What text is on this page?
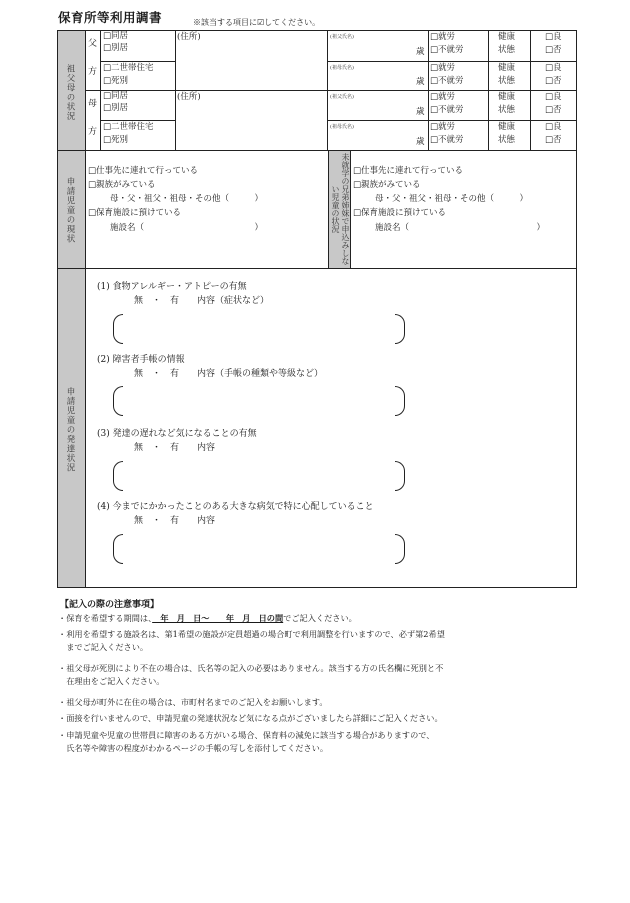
保育所等利用調書	※該当する項目に☑してください。
祖父母の状況
父
方
母
方
□同居
□別居
□二世帯住宅
□死別
(住所)
□同居
□別居
□二世帯住宅
□死別
(住所)
(祖父氏名)
歳
(祖母氏名)
歳
(祖父氏名)
歳
(祖母氏名)
歳
□就労
□不就労
健康
状態
□良
□否
□就労
□不就労
健康
状態
□良
□否
□就労
□不就労
健康
状態
□良
□否
□就労
□不就労
健康
状態
□良
□否
申請児童の現状	未就学の兄弟姉妹で申込みしない児童の状況
□仕事先に連れて行っている
□親族がみている
母・父・祖父・祖母・その他（　　　）
□保育施設に預けている
施設名（　　　　　　　　　　　　　）
□仕事先に連れて行っている
□親族がみている
母・父・祖父・祖母・その他（　　　）
□保育施設に預けている
施設名（　　　　　　　　　　　　　　　）
申請児童の発達状況
(1) 食物アレルギー・アトピーの有無
無　・　有　　内容（症状など）
(2) 障害者手帳の情報
無　・　有　　内容（手帳の種類や等級など）
(3) 発達の遅れなど気になることの有無
無　・　有　　内容
(4) 今までにかかったことのある大きな病気で特に心配していること
無　・　有　　内容
【記入の際の注意事項】
・保育を希望する期間は、　年　月　日〜　　年　月　日の間でご記入ください。
・利用を希望する施設名は、第1希望の施設が定員超過の場合町で利用調整を行いますので、必ず第2希望
　までご記入ください。
・祖父母が死別により不在の場合は、氏名等の記入の必要はありません。該当する方の氏名欄に死別と不
　在理由をご記入ください。
・祖父母が町外に在住の場合は、市町村名までのご記入をお願いします。
・面接を行いませんので、申請児童の発達状況など気になる点がございましたら詳細にご記入ください。
・申請児童や児童の世帯員に障害のある方がいる場合、保育料の減免に該当する場合がありますので、
　氏名等や障害の程度がわかるページの手帳の写しを添付してください。
